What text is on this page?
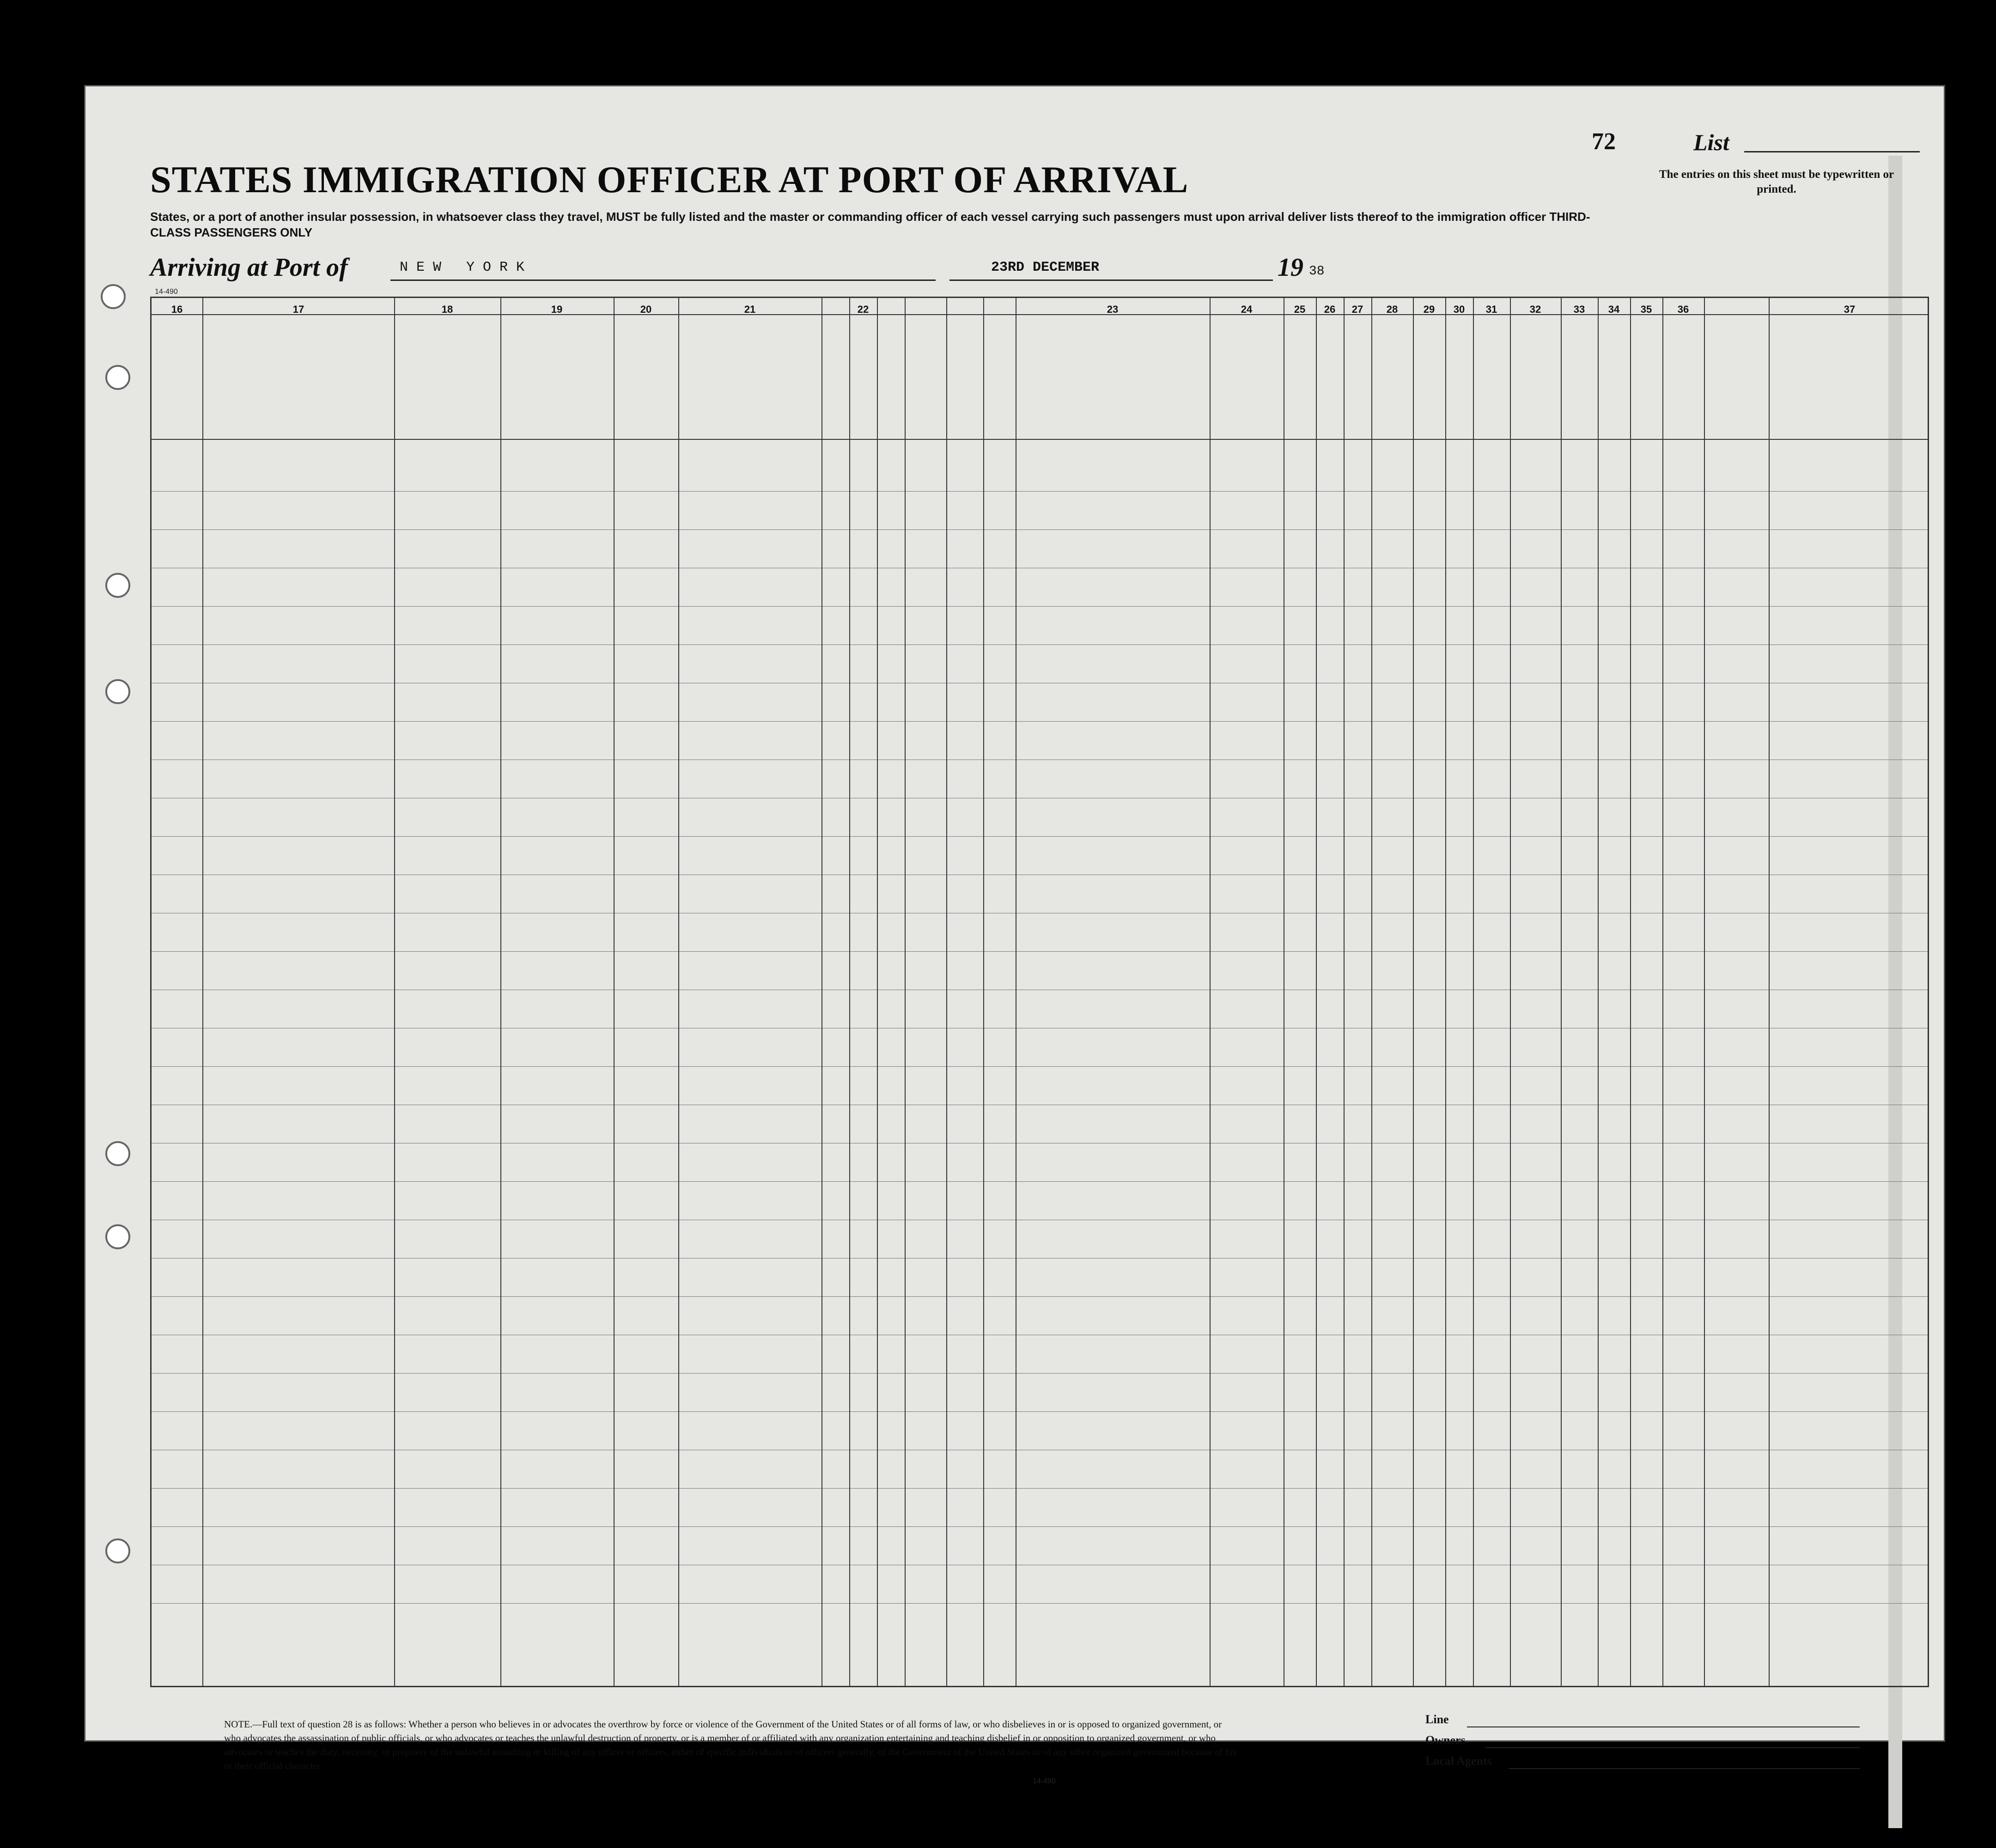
72	List
The entries on this sheet must be typewritten or printed.
STATES IMMIGRATION OFFICER AT PORT OF ARRIVAL
States, or a port of another insular possession, in whatsoever class they travel, MUST be fully listed and the master or commanding officer of each vessel carrying such passengers must upon arrival deliver lists thereof to the immigration officer THIRD-CLASS PASSENGERS ONLY
Arriving at Port of	NEW YORK	23RD DECEMBER	19 38
14-490
16	17	18	19	20	21	22	23	24	25	26	27	28	29	30	31	32	33	34	35	36	37
NOTE.—Full text of question 28 is as follows: Whether a person who believes in or advocates the overthrow by force or violence of the Government of the United States or of all forms of law, or who disbelieves in or is opposed to organized government, or who advocates the assassination of public officials, or who advocates or teaches the unlawful destruction of property, or is a member of or affiliated with any organization entertaining and teaching disbelief in or opposition to organized government, or who advocates or teaches the duty, necessity, or propriety of the unlawful assaulting or killing of any officer or officers, either of specific individuals or of officers generally, of the Government of the United States or of any other organized government because of his or their official character.
Line
Owners
Local Agents
14-490
